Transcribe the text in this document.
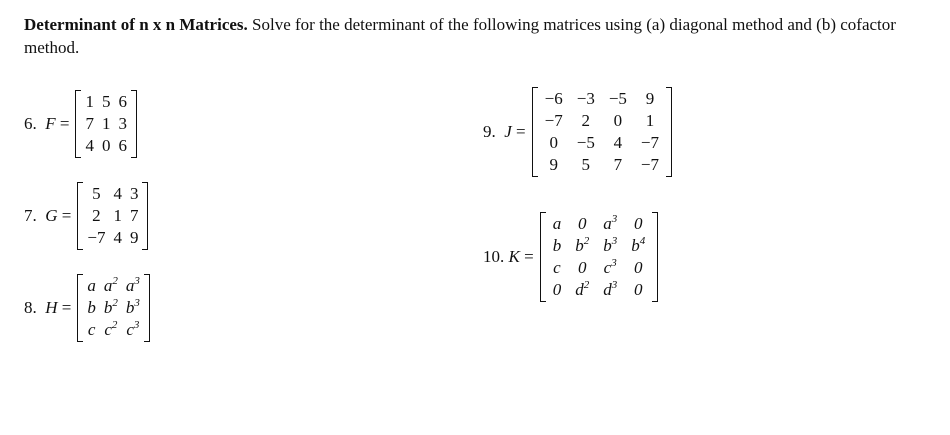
Determinant of n x n Matrices. Solve for the determinant of the following matrices using (a) diagonal method and (b) cofactor method.
6. F =
1	5	6
7	1	3
4	0	6
7. G =
5	4	3
2	1	7
−7	4	9
8. H =
a	$a^2$	$a^3$
b	$b^2$	$b^3$
c	$c^2$	$c^3$
9. J =
−6	−3	−5	9
−7	2	0	1
0	−5	4	−7
9	5	7	−7
10. K =
a	0	$a^3$	0
b	$b^2$	$b^3$	$b^4$
c	0	$c^3$	0
0	$d^2$	$d^3$	0
